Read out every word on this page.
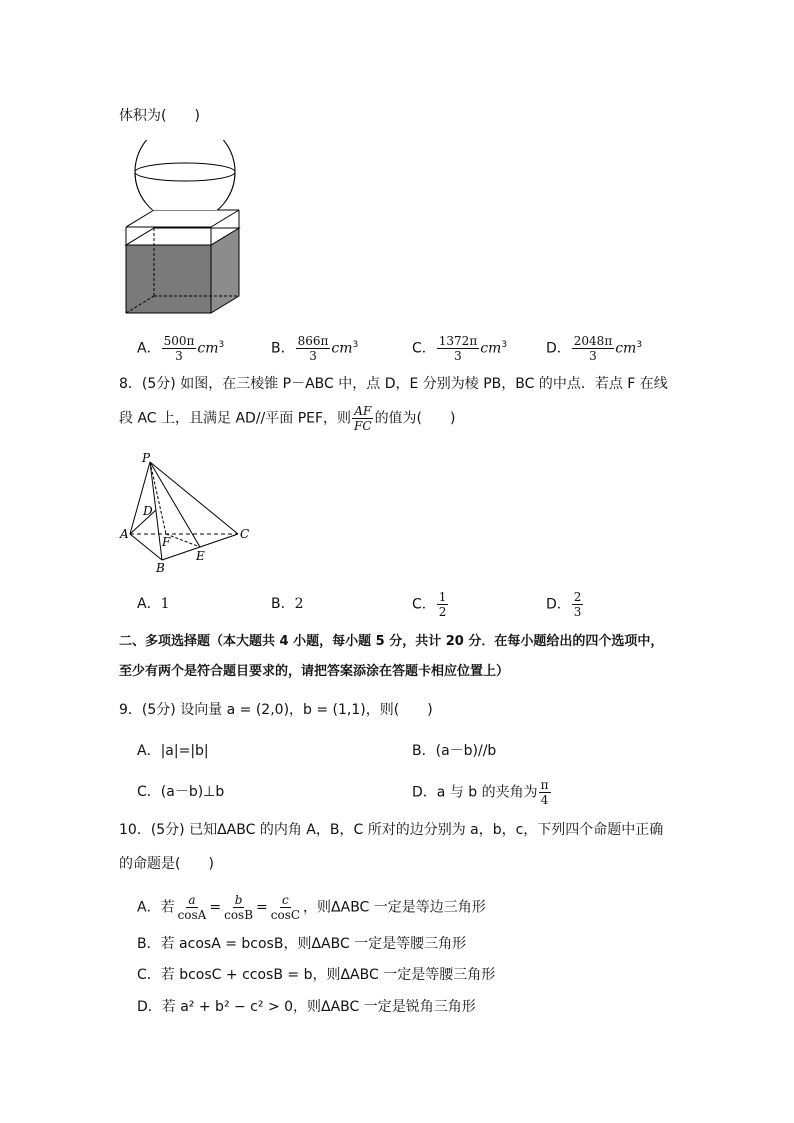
体积为(　　)
A． $\frac{500\pi}{3} cm^3$	B． $\frac{866\pi}{3} cm^3$	C． $\frac{1372\pi}{3} cm^3$	D． $\frac{2048\pi}{3} cm^3$
8．(5分) 如图，在三棱锥 P－ABC 中，点 D，E 分别为棱 PB，BC 的中点．若点 F 在线
段 AC 上，且满足 AD//平面 PEF，则 $\frac{AF}{FC}$ 的值为(　　)
P
D
A
F
C
B
E
A．1	B．2	C． $\frac{1}{2}$	D． $\frac{2}{3}$
二、多项选择题（本大题共 4 小题，每小题 5 分，共计 20 分．在每小题给出的四个选项中，
至少有两个是符合题目要求的，请把答案添涂在答题卡相应位置上）
9．(5分) 设向量 a = (2,0)，b = (1,1)，则(　　)
A．|a|=|b|	B．(a－b)//b
C．(a－b)⊥b	D．a 与 b 的夹角为 $\frac{\pi}{4}$
10．(5分) 已知ΔABC 的内角 A，B，C 所对的边分别为 a，b，c，下列四个命题中正确
的命题是(　　)
A．若 $\frac{a}{\cos A} = \frac{b}{\cos B} = \frac{c}{\cos C}$ ，则ΔABC 一定是等边三角形
B．若 acosA = bcosB，则ΔABC 一定是等腰三角形
C．若 bcosC + ccosB = b，则ΔABC 一定是等腰三角形
D．若 a² + b² − c² > 0，则ΔABC 一定是锐角三角形
